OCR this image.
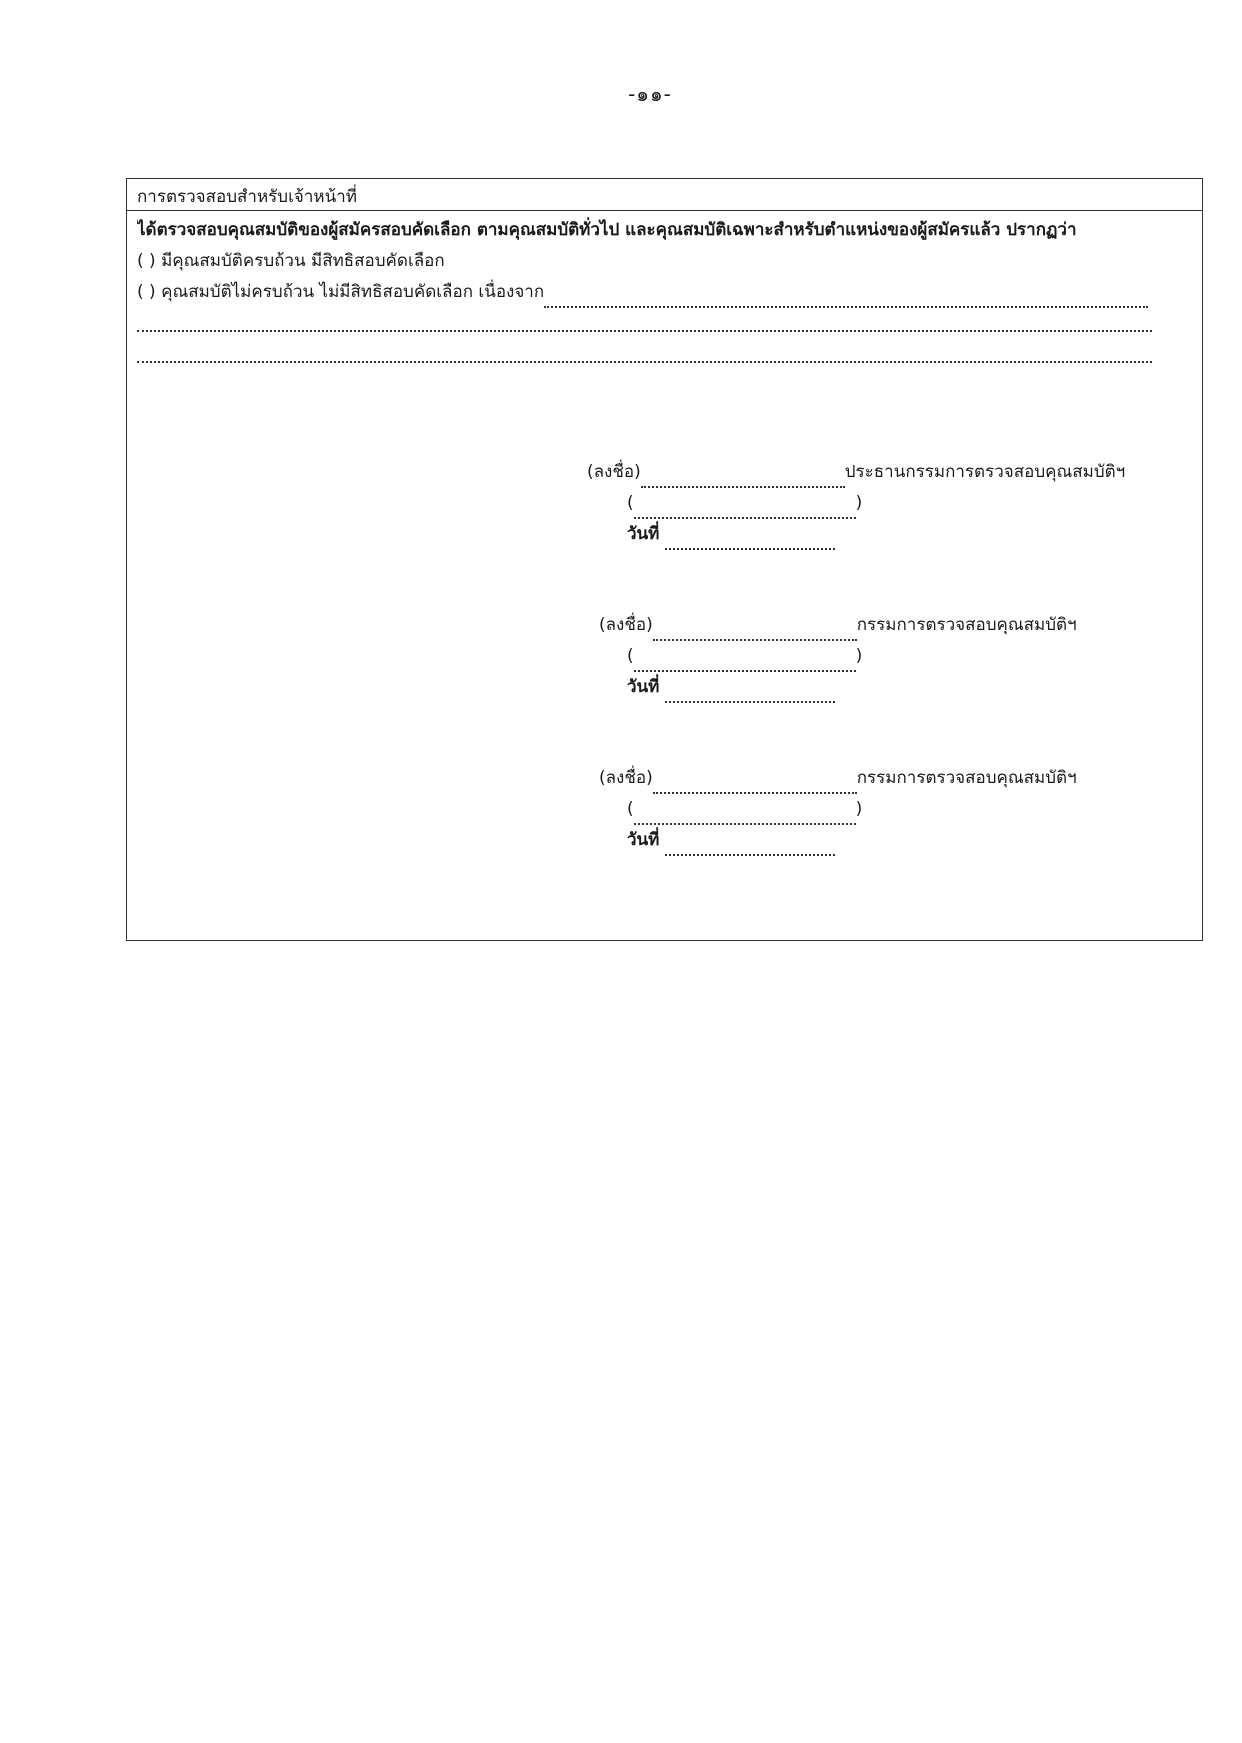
-๑๑-
การตรวจสอบสำหรับเจ้าหน้าที่
ได้ตรวจสอบคุณสมบัติของผู้สมัครสอบคัดเลือก ตามคุณสมบัติทั่วไป และคุณสมบัติเฉพาะสำหรับตำแหน่งของผู้สมัครแล้ว ปรากฏว่า
( ) มีคุณสมบัติครบถ้วน มีสิทธิสอบคัดเลือก
( ) คุณสมบัติไม่ครบถ้วน ไม่มีสิทธิสอบคัดเลือก เนื่องจาก
(ลงชื่อ)	ประธานกรรมการตรวจสอบคุณสมบัติฯ
(	)
วันที่
(ลงชื่อ)	กรรมการตรวจสอบคุณสมบัติฯ
(	)
วันที่
(ลงชื่อ)	กรรมการตรวจสอบคุณสมบัติฯ
(	)
วันที่
